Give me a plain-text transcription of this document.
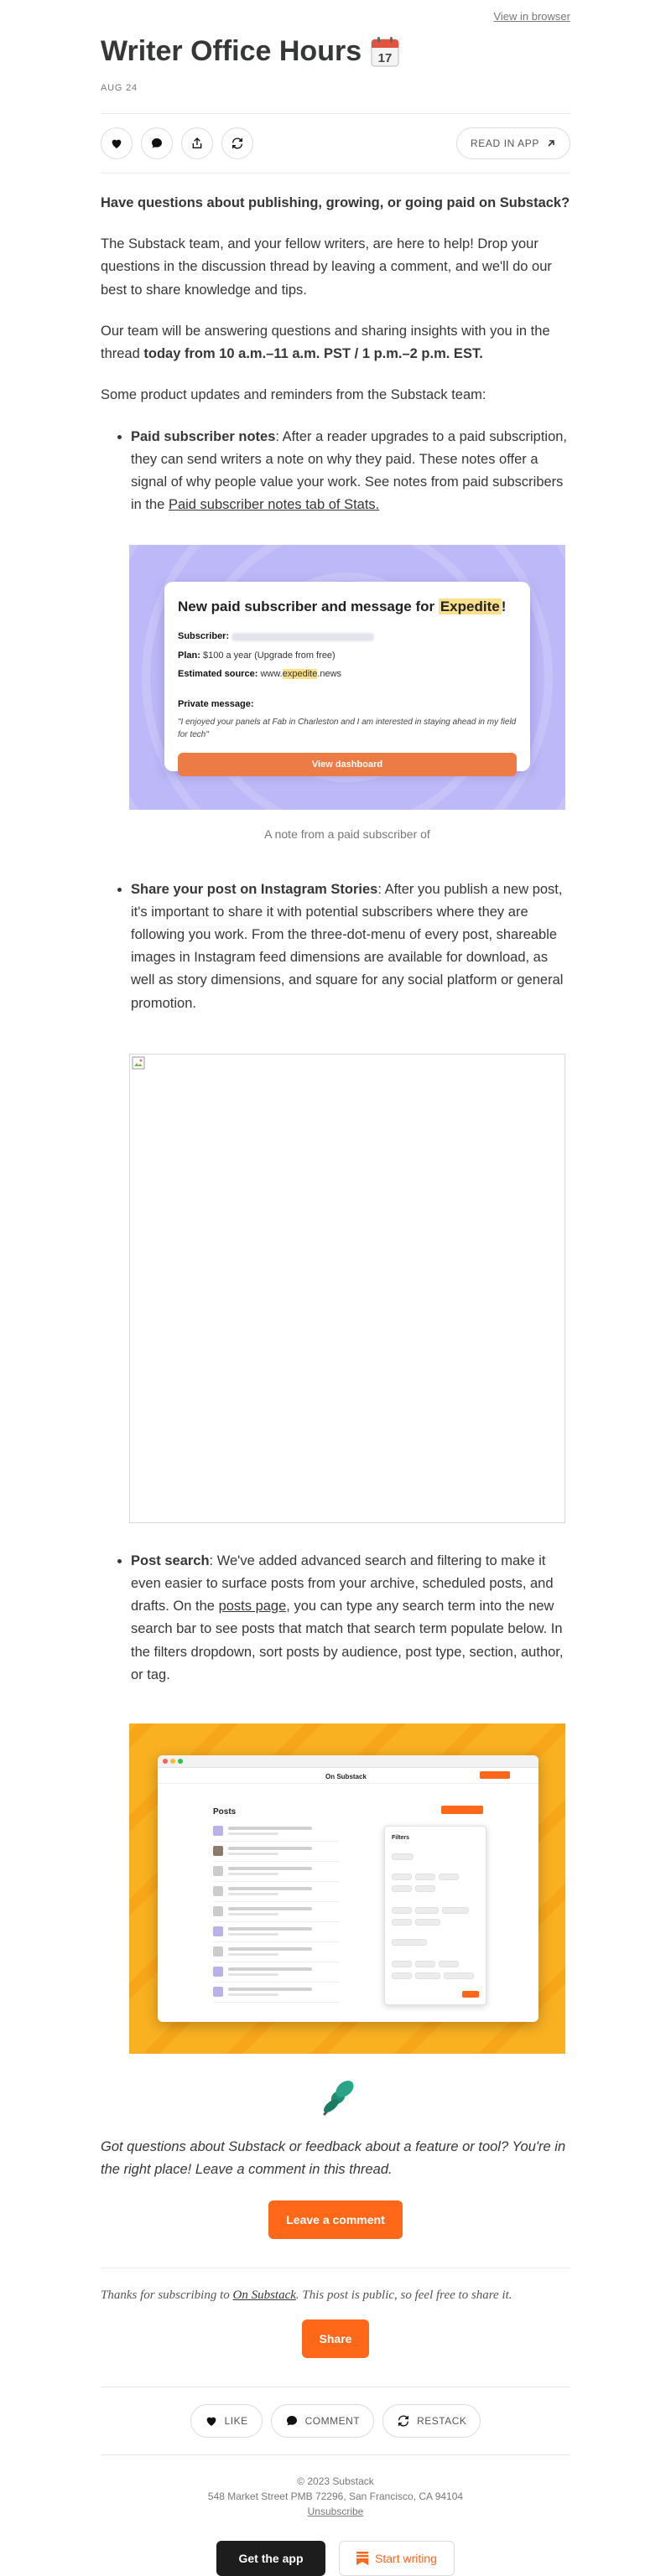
View in browser
Writer Office Hours 17
AUG 24
READ IN APP

Have questions about publishing, growing, or going paid on Substack?

The Substack team, and your fellow writers, are here to help! Drop your questions in the discussion thread by leaving a comment, and we'll do our best to share knowledge and tips.

Our team will be answering questions and sharing insights with you in the thread today from 10 a.m.–11 a.m. PST / 1 p.m.–2 p.m. EST.

Some product updates and reminders from the Substack team:

• Paid subscriber notes: After a reader upgrades to a paid subscription, they can send writers a note on why they paid. These notes offer a signal of why people value your work. See notes from paid subscribers in the Paid subscriber notes tab of Stats.
New paid subscriber and message for Expedite !
Subscriber:
Plan: $100 a year (Upgrade from free)
Estimated source: www.expedite.news
Private message:
"I enjoyed your panels at Fab in Charleston and I am interested in staying ahead in my field for tech"
View dashboard
A note from a paid subscriber of
• Share your post on Instagram Stories: After you publish a new post, it's important to share it with potential subscribers where they are following you work. From the three-dot-menu of every post, shareable images in Instagram feed dimensions are available for download, as well as story dimensions, and square for any social platform or general promotion.
• Post search: We've added advanced search and filtering to make it even easier to surface posts from your archive, scheduled posts, and drafts. On the posts page, you can type any search term into the new search bar to see posts that match that search term populate below. In the filters dropdown, sort posts by audience, post type, section, author, or tag.
On Substack
Posts
Filters

Got questions about Substack or feedback about a feature or tool? You're in the right place! Leave a comment in this thread.

Leave a comment
Thanks for subscribing to On Substack. This post is public, so feel free to share it.
Share
LIKE	COMMENT	RESTACK
© 2023 Substack
548 Market Street PMB 72296, San Francisco, CA 94104
Unsubscribe
Get the app	Start writing
